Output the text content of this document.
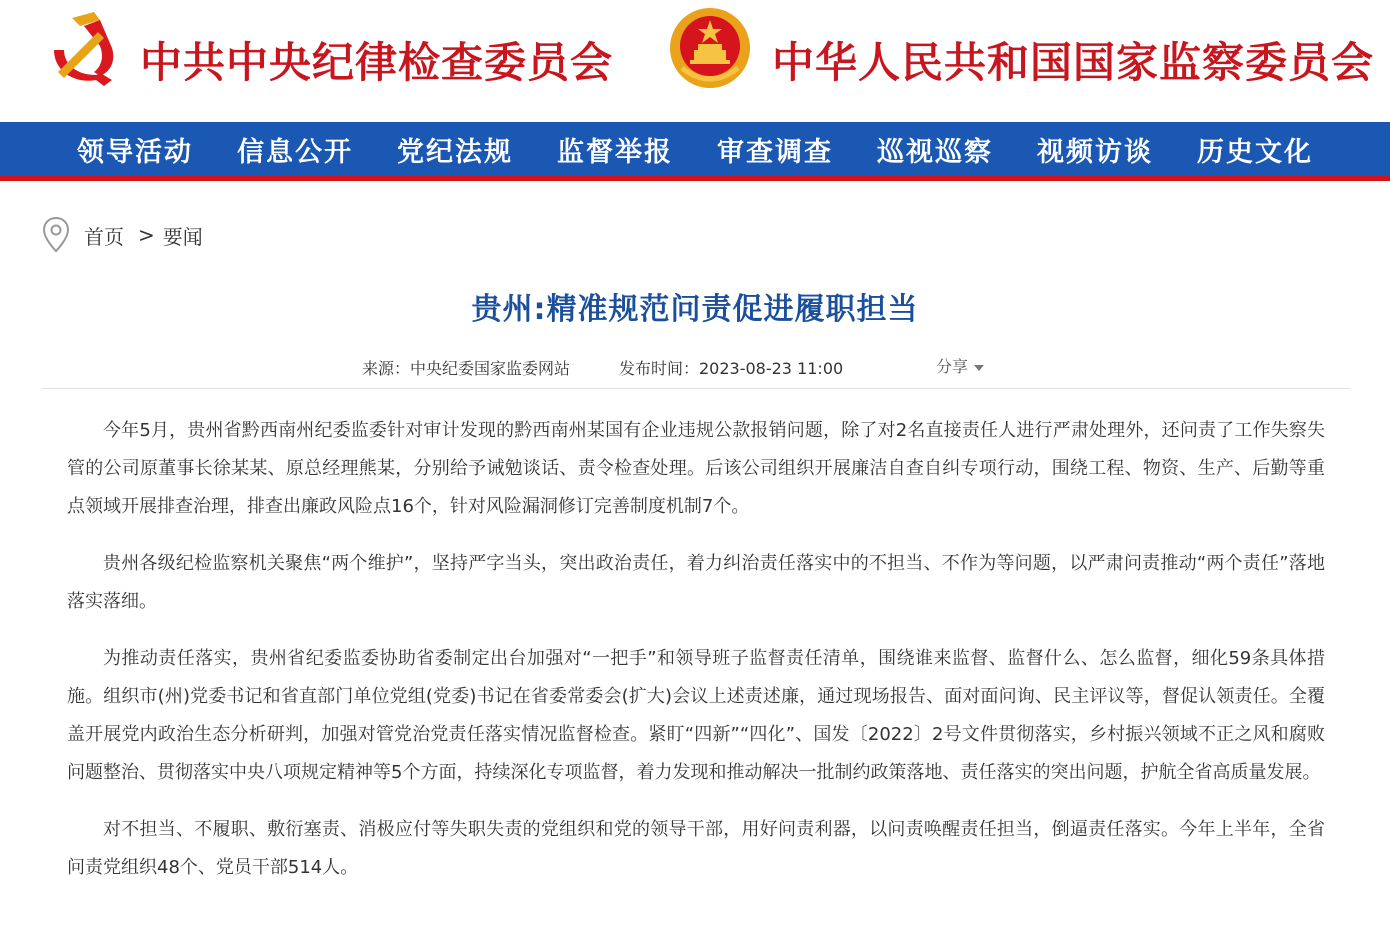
中共中央纪律检查委员会	中华人民共和国国家监察委员会
领导活动 信息公开 党纪法规 监督举报 审查调查 巡视巡察 视频访谈 历史文化
首页 > 要闻
贵州:精准规范问责促进履职担当
来源：中央纪委国家监委网站	发布时间：2023-08-23 11:00	分享

今年5月，贵州省黔西南州纪委监委针对审计发现的黔西南州某国有企业违规公款报销问题，除了对2名直接责任人进行严肃处理外，还问责了工作失察失管的公司原董事长徐某某、原总经理熊某，分别给予诫勉谈话、责令检查处理。后该公司组织开展廉洁自查自纠专项行动，围绕工程、物资、生产、后勤等重点领域开展排查治理，排查出廉政风险点16个，针对风险漏洞修订完善制度机制7个。

贵州各级纪检监察机关聚焦“两个维护”，坚持严字当头，突出政治责任，着力纠治责任落实中的不担当、不作为等问题，以严肃问责推动“两个责任”落地落实落细。

为推动责任落实，贵州省纪委监委协助省委制定出台加强对“一把手”和领导班子监督责任清单，围绕谁来监督、监督什么、怎么监督，细化59条具体措施。组织市(州)党委书记和省直部门单位党组(党委)书记在省委常委会(扩大)会议上述责述廉，通过现场报告、面对面问询、民主评议等，督促认领责任。全覆盖开展党内政治生态分析研判，加强对管党治党责任落实情况监督检查。紧盯“四新”“四化”、国发〔2022〕2号文件贯彻落实，乡村振兴领域不正之风和腐败问题整治、贯彻落实中央八项规定精神等5个方面，持续深化专项监督，着力发现和推动解决一批制约政策落地、责任落实的突出问题，护航全省高质量发展。

对不担当、不履职、敷衍塞责、消极应付等失职失责的党组织和党的领导干部，用好问责利器，以问责唤醒责任担当，倒逼责任落实。今年上半年，全省问责党组织48个、党员干部514人。
